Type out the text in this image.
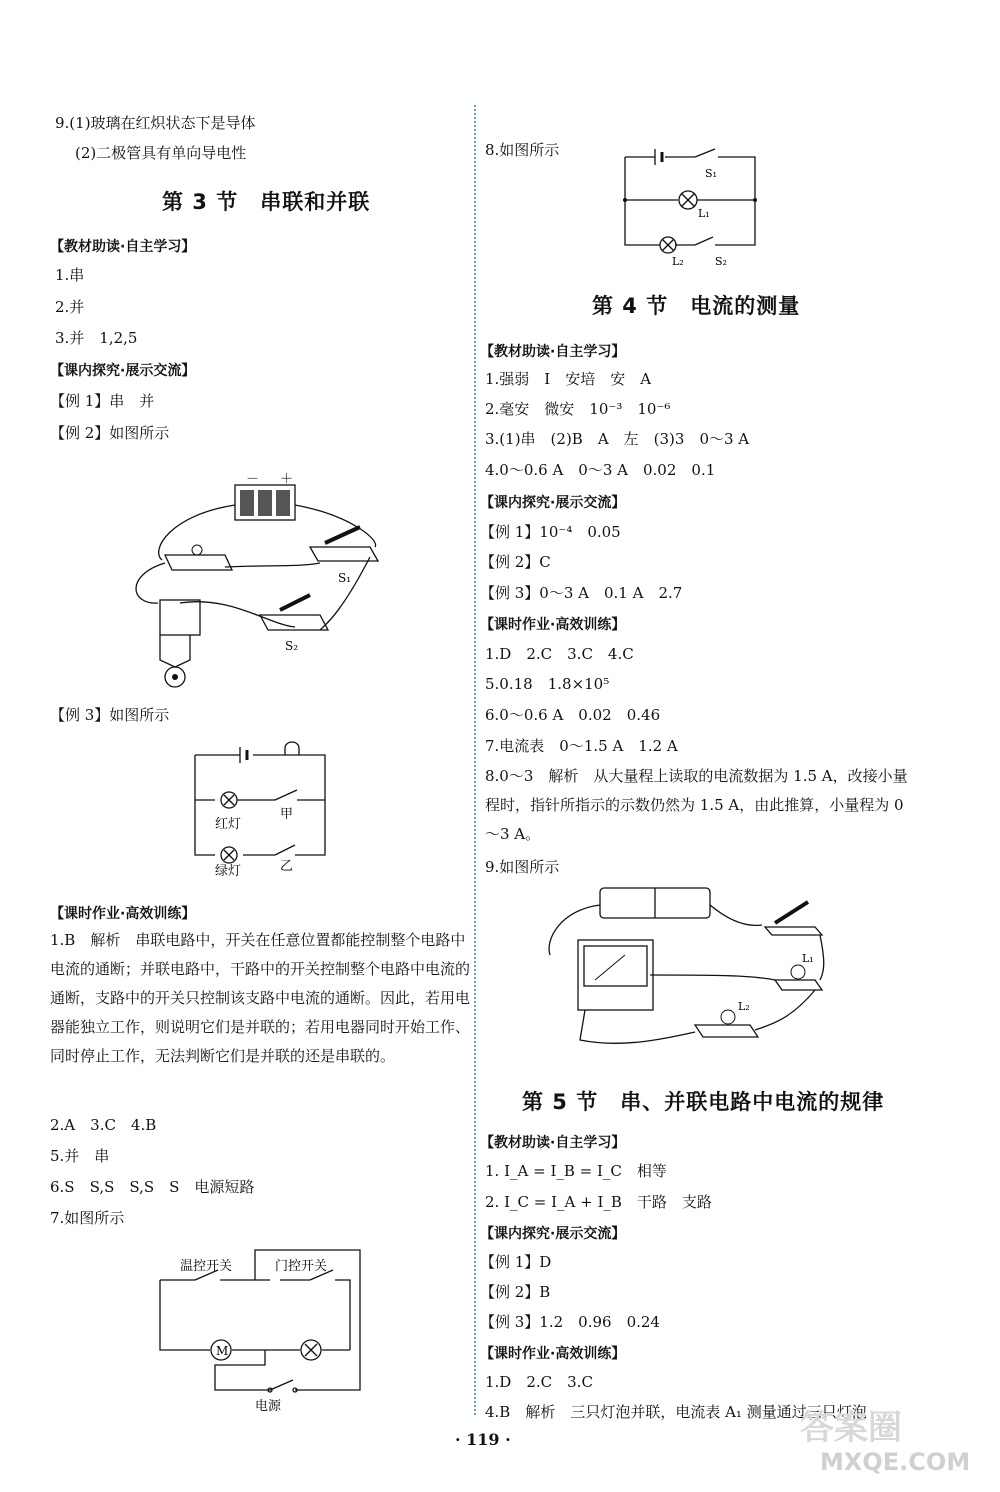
9.(1)玻璃在红炽状态下是导体
(2)二极管具有单向导电性
第 3 节　串联和并联
【教材助读·自主学习】
1.串
2.并
3.并　1,2,5
【课内探究·展示交流】
【例 1】串　并
【例 2】如图所示
－ ＋
S₁
S₂
【例 3】如图所示
红灯
绿灯
甲
乙
【课时作业·高效训练】
1.B　解析　串联电路中，开关在任意位置都能控制整个电路中电流的通断；并联电路中，干路中的开关控制整个电路中电流的通断，支路中的开关只控制该支路中电流的通断。因此，若用电器能独立工作，则说明它们是并联的；若用电器同时开始工作、同时停止工作，无法判断它们是并联的还是串联的。
2.A　3.C　4.B
5.并　串
6.S　S,S　S,S　S　电源短路
7.如图所示
M
温控开关	门控开关
电源
8.如图所示
S₁
L₁
L₂	S₂
第 4 节　电流的测量
【教材助读·自主学习】
1.强弱　I　安培　安　A
2.毫安　微安　10⁻³　10⁻⁶
3.(1)串　(2)B　A　左　(3)3　0～3 A
4.0～0.6 A　0～3 A　0.02　0.1
【课内探究·展示交流】
【例 1】10⁻⁴　0.05
【例 2】C
【例 3】0～3 A　0.1 A　2.7
【课时作业·高效训练】
1.D　2.C　3.C　4.C
5.0.18　1.8×10⁵
6.0～0.6 A　0.02　0.46
7.电流表　0～1.5 A　1.2 A
8.0～3　解析　从大量程上读取的电流数据为 1.5 A，改接小量程时，指针所指示的示数仍然为 1.5 A，由此推算，小量程为 0～3 A。
9.如图所示
L₁
L₂
第 5 节　串、并联电路中电流的规律
【教材助读·自主学习】
1. I_A = I_B = I_C　相等
2. I_C = I_A + I_B　干路　支路
【课内探究·展示交流】
【例 1】D
【例 2】B
【例 3】1.2　0.96　0.24
【课时作业·高效训练】
1.D　2.C　3.C
4.B　解析　三只灯泡并联，电流表 A₁ 测量通过三只灯泡
· 119 ·	答案圈
MXQE.COM
